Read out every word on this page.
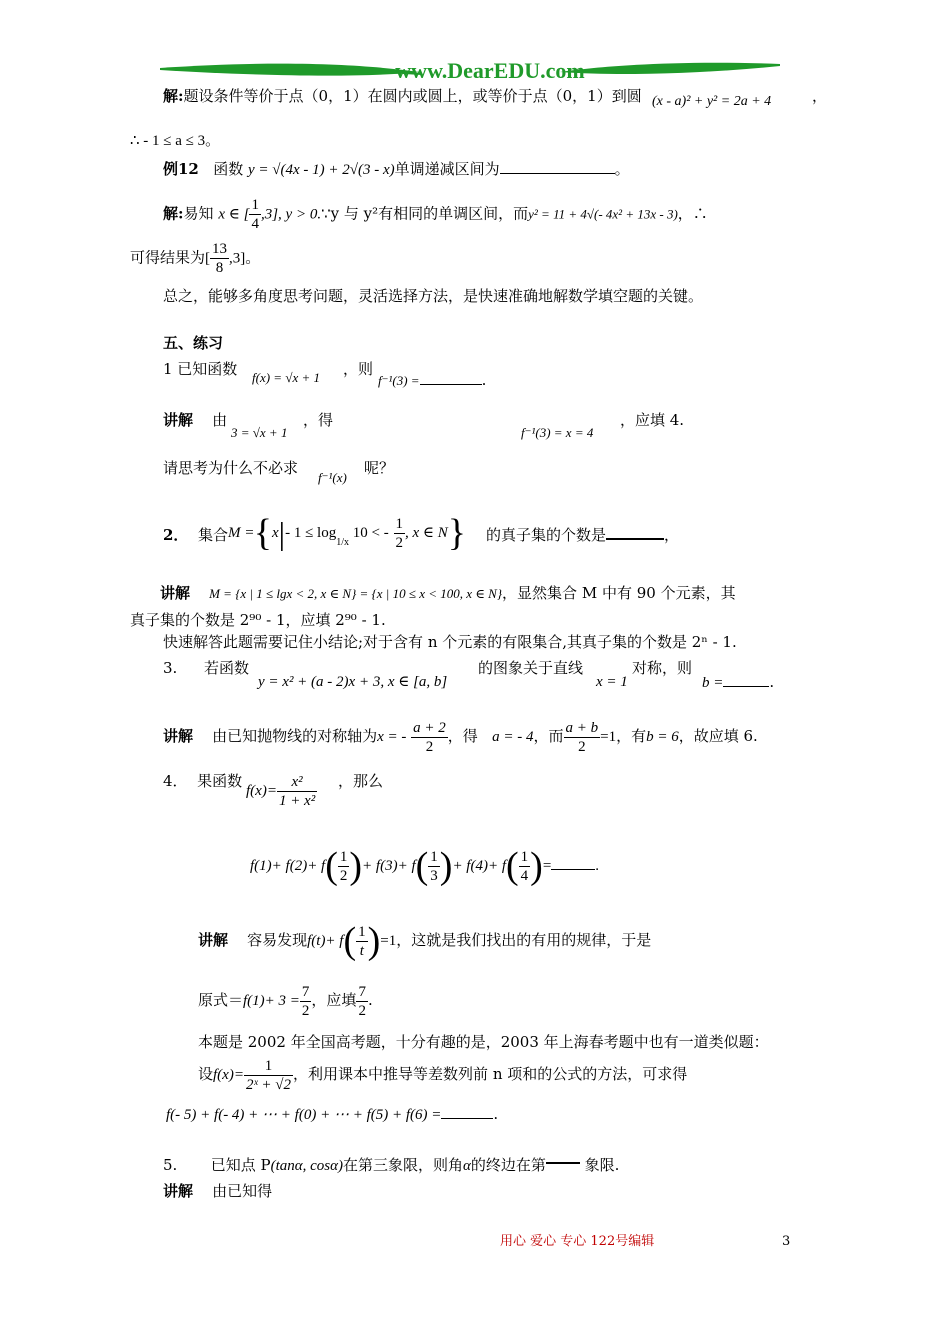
www.DearEDU.com
解:题设条件等价于点（0，1）在圆内或圆上，或等价于点（0，1）到圆 (x - a)² + y² = 2a + 4	，
∴ - 1 ≤ a ≤ 3。
例12 函数 y = √(4x - 1) + 2√(3 - x)单调递减区间为	。
解:易知 x ∈ [ $\frac{1}{4} ,3$], y > 0.∵y 与 y²有相同的单调区间，而y² = 11 + 4√(- 4x² + 13x - 3)，∴
可得结果为[ $\frac{13}{8} ,3$]。
总之，能够多角度思考问题，灵活选择方法，是快速准确地解数学填空题的关键。
五、练习
1 已知函数 f(x) = √x + 1 ，则
f⁻¹(3) =	.
讲解 由
3 = √x + 1
，得
f⁻¹(3) = x = 4
，应填 4.
请思考为什么不必求
f⁻¹(x)
呢？
2． 集合 M ={x|- $1 \le \log_{1/x} 10$ < - $\frac{1}{2}$ , x ∈ N} 的真子集的个数是	，
讲解 M = {x | 1 ≤ lgx < 2, x ∈ N} = {x | 10 ≤ x < 100, x ∈ N}，显然集合 M 中有 90 个元素，其
真子集的个数是 2⁹⁰ - 1，应填 2⁹⁰ - 1.
快速解答此题需要记住小结论;对于含有 n 个元素的有限集合,其真子集的个数是 2ⁿ - 1.
3. 若函数
y = x² + (a - 2)x + 3, x ∈ [a, b]
的图象关于直线
x = 1
对称，则
b =	.
讲解 由已知抛物线的对称轴为x = - $\frac{a + 2}{2}$ ，得 a = - 4，而 $\frac{a + b}{2} =1$，有b = 6，故应填 6.
4． 果函数
$f(x)= \frac{\text{x²}}{\text{1 + x²}}$ ，那么
$f(1)+ f(2)+ f( \frac{1}{2}$ )+ $f(3)+ f( \frac{1}{3}$ )+ $f(4)+ f( \frac{1}{4}$ )=	.
讲解 容易发现$f(t)+ f( \frac{1}{t} )=1$，这就是我们找出的有用的规律，于是
原式$=f(1)+ 3 = \frac{7}{2}$ ，应填 $\frac{7}{2}$ .
本题是 2002 年全国高考题，十分有趣的是，2003 年上海春考题中也有一道类似题：
设$f(x)= \frac{1}{\text{2ˣ + √2}}$ ，利用课本中推导等差数列前 n 项和的公式的方法，可求得
f(- 5) + f(- 4) + ⋯ + f(0) + ⋯ + f(5) + f(6) =	.
5. 已知点 P(tanα, cosα)在第三象限，则角α的终边在第	象限.
讲解 由已知得
用心 爱心 专心 122号编辑	3
